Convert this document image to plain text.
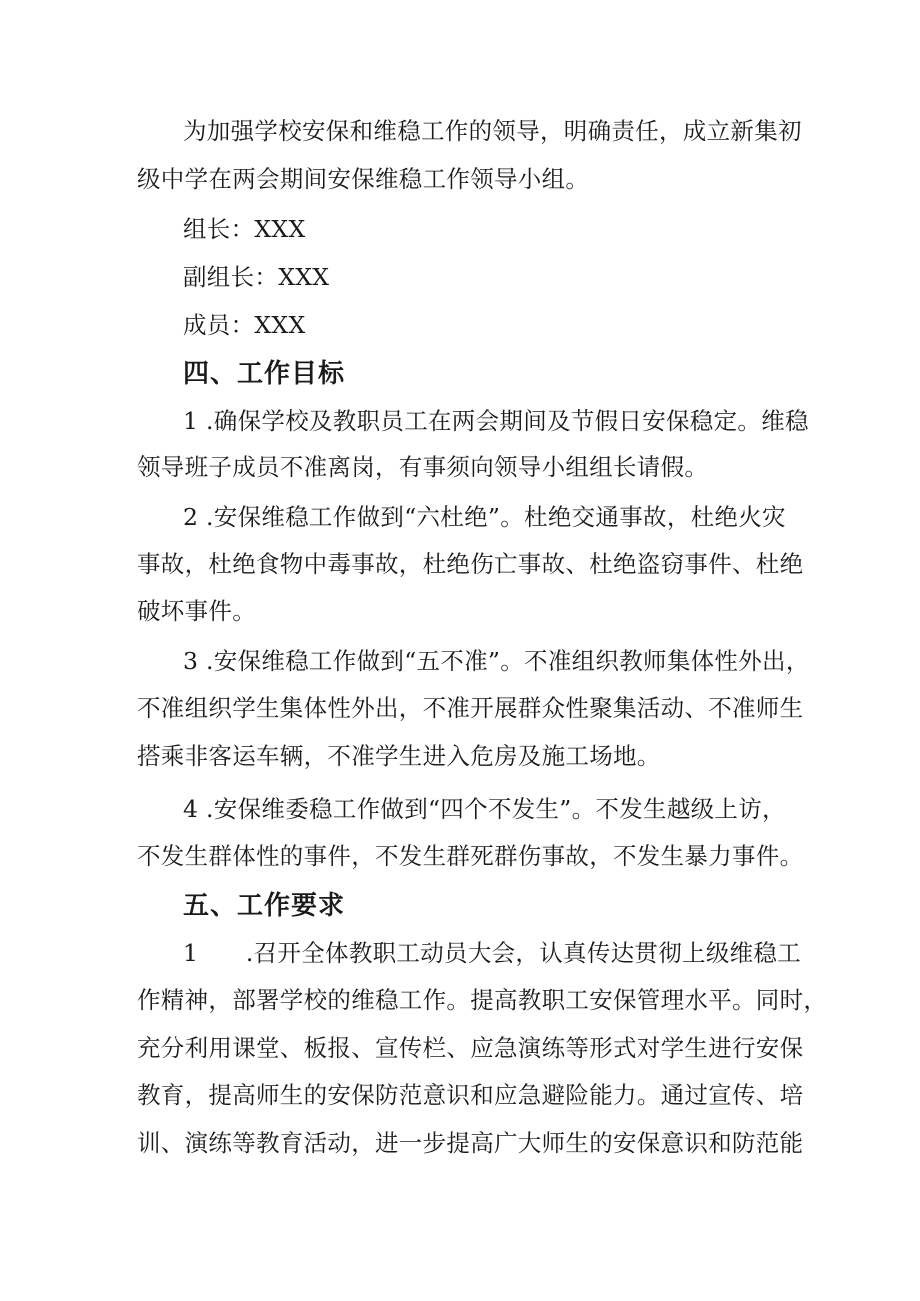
为加强学校安保和维稳工作的领导，明确责任，成立新集初
级中学在两会期间安保维稳工作领导小组。
组长：XXX
副组长：XXX
成员：XXX
四、工作目标
1 .确保学校及教职员工在两会期间及节假日安保稳定。维稳
领导班子成员不准离岗，有事须向领导小组组长请假。
2 .安保维稳工作做到“六杜绝”。杜绝交通事故，杜绝火灾
事故，杜绝食物中毒事故，杜绝伤亡事故、杜绝盗窃事件、杜绝
破坏事件。
3 .安保维稳工作做到“五不准”。不准组织教师集体性外出，
不准组织学生集体性外出，不准开展群众性聚集活动、不准师生
搭乘非客运车辆，不准学生进入危房及施工场地。
4 .安保维委稳工作做到“四个不发生”。不发生越级上访，
不发生群体性的事件，不发生群死群伤事故，不发生暴力事件。
五、工作要求
1　　.召开全体教职工动员大会，认真传达贯彻上级维稳工
作精神，部署学校的维稳工作。提高教职工安保管理水平。同时，
充分利用课堂、板报、宣传栏、应急演练等形式对学生进行安保
教育，提高师生的安保防范意识和应急避险能力。通过宣传、培
训、演练等教育活动，进一步提高广大师生的安保意识和防范能
